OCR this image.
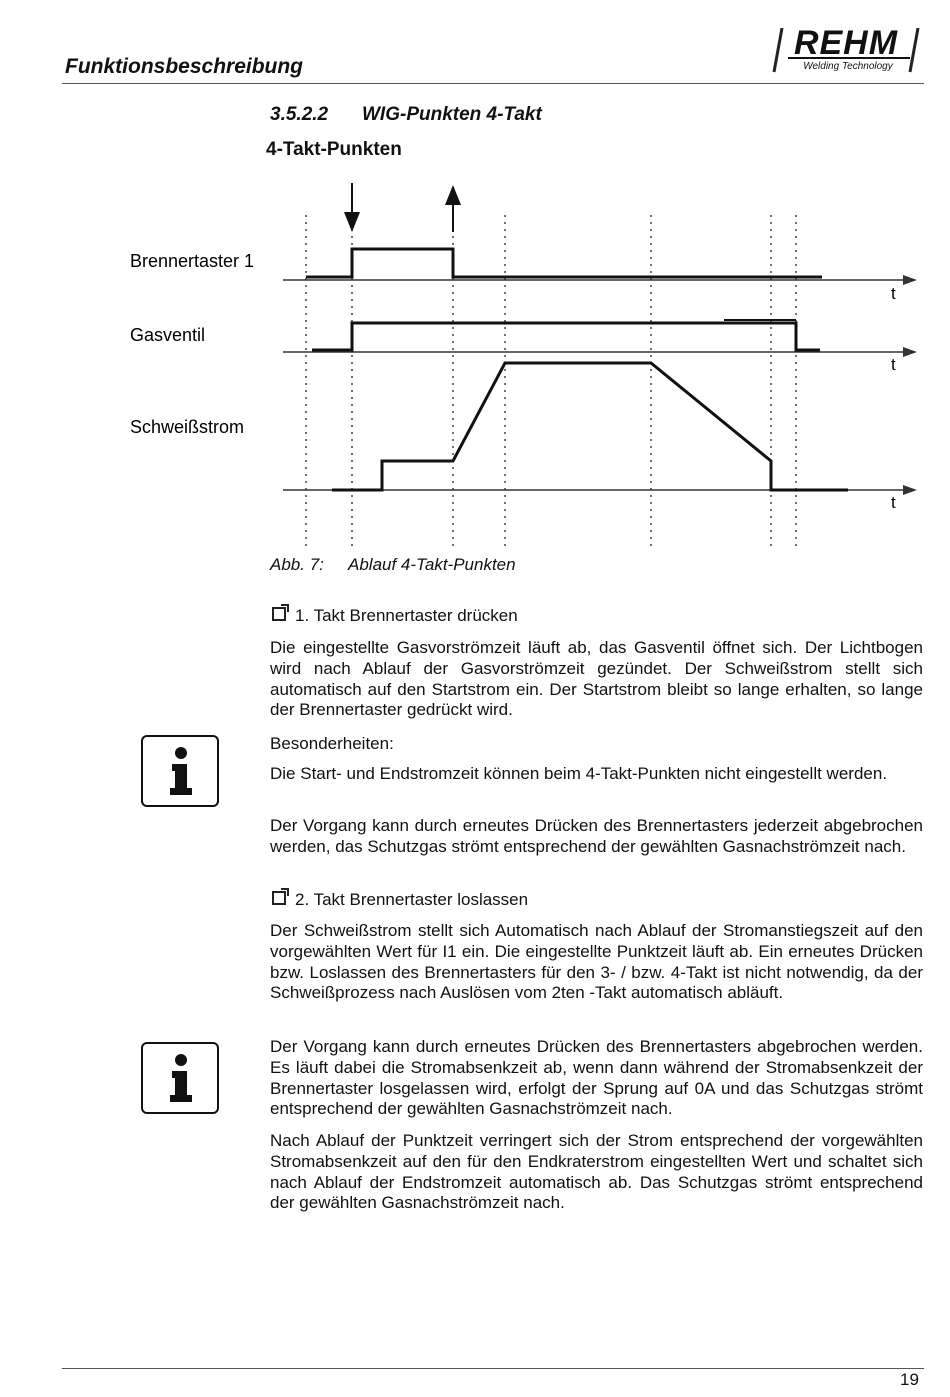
Funktionsbeschreibung
REHM
Welding Technology
3.5.2.2 WIG-Punkten 4-Takt
4-Takt-Punkten
Brennertaster 1
Gasventil
Schweißstrom
t
t
t
Abb. 7: Ablauf 4-Takt-Punkten
1. Takt Brennertaster drücken
Die eingestellte Gasvorströmzeit läuft ab, das Gasventil öffnet sich. Der Lichtbogen wird nach Ablauf der Gasvorströmzeit gezündet. Der Schweißstrom stellt sich automatisch auf den Startstrom ein. Der Startstrom bleibt so lange erhalten, so lange der Brennertaster gedrückt wird.
Besonderheiten:
Die Start- und Endstromzeit können beim 4-Takt-Punkten nicht eingestellt werden.
Der Vorgang kann durch erneutes Drücken des Brennertasters jederzeit abgebrochen werden, das Schutzgas strömt entsprechend der gewählten Gasnachströmzeit nach.
2. Takt Brennertaster loslassen
Der Schweißstrom stellt sich Automatisch nach Ablauf der Stromanstiegszeit auf den vorgewählten Wert für I1 ein. Die eingestellte Punktzeit läuft ab. Ein erneutes Drücken bzw. Loslassen des Brennertasters für den 3- / bzw. 4-Takt ist nicht notwendig, da der Schweißprozess nach Auslösen vom 2ten -Takt automatisch abläuft.
Der Vorgang kann durch erneutes Drücken des Brennertasters abgebrochen werden. Es läuft dabei die Stromabsenkzeit ab, wenn dann während der Stromabsenkzeit der Brennertaster losgelassen wird, erfolgt der Sprung auf 0A und das Schutzgas strömt entsprechend der gewählten Gasnachströmzeit nach.
Nach Ablauf der Punktzeit verringert sich der Strom entsprechend der vorgewählten Stromabsenkzeit auf den für den Endkraterstrom eingestellten Wert und schaltet sich nach Ablauf der Endstromzeit automatisch ab. Das Schutzgas strömt entsprechend der gewählten Gasnachströmzeit nach.
19
